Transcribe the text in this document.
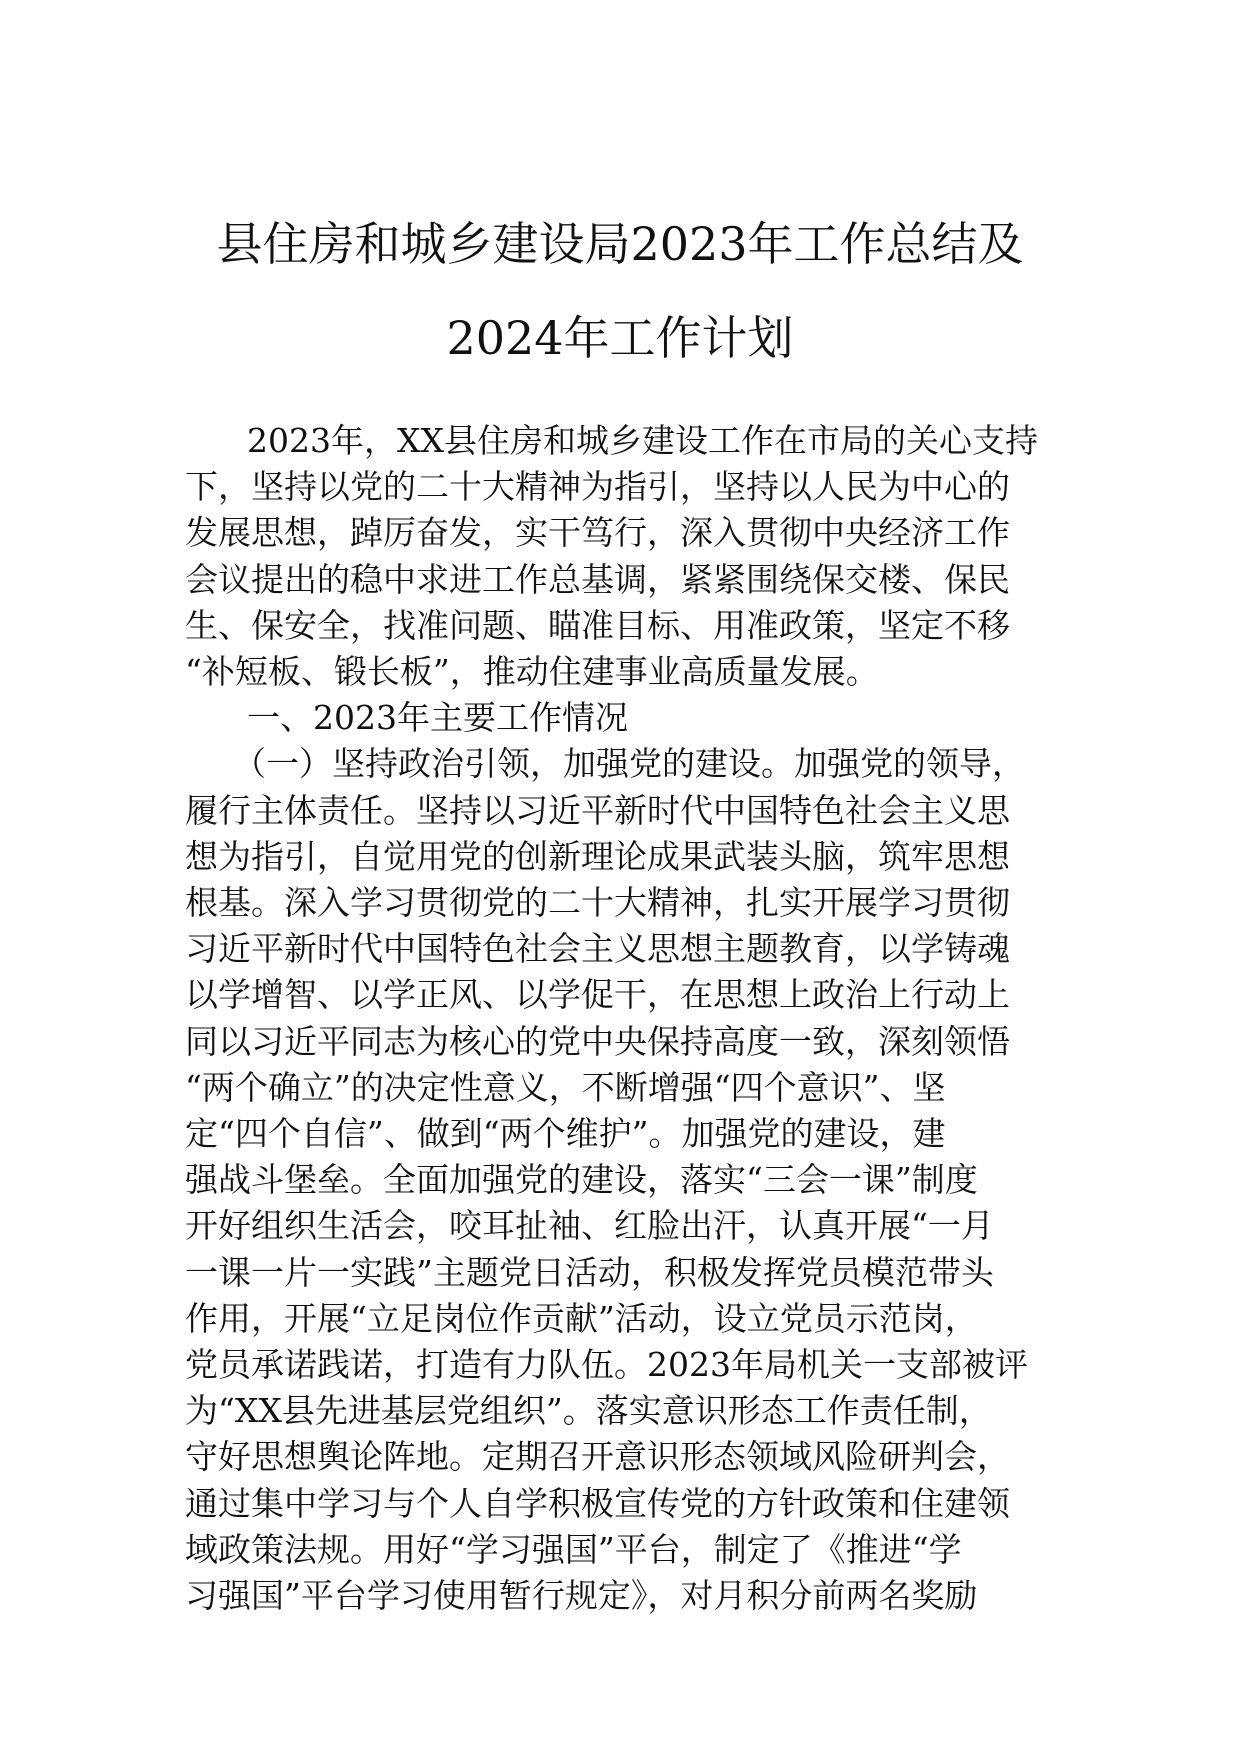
县住房和城乡建设局2023年工作总结及
2024年工作计划
2023年，XX县住房和城乡建设工作在市局的关心支持
下，坚持以党的二十大精神为指引，坚持以人民为中心的
发展思想，踔厉奋发，实干笃行，深入贯彻中央经济工作
会议提出的稳中求进工作总基调，紧紧围绕保交楼、保民
生、保安全，找准问题、瞄准目标、用准政策，坚定不移
“补短板、锻长板”，推动住建事业高质量发展。
一、2023年主要工作情况
（一）坚持政治引领，加强党的建设。加强党的领导，
履行主体责任。坚持以习近平新时代中国特色社会主义思
想为指引，自觉用党的创新理论成果武装头脑，筑牢思想
根基。深入学习贯彻党的二十大精神，扎实开展学习贯彻
习近平新时代中国特色社会主义思想主题教育，以学铸魂
以学增智、以学正风、以学促干，在思想上政治上行动上
同以习近平同志为核心的党中央保持高度一致，深刻领悟
“两个确立”的决定性意义，不断增强“四个意识”、坚
定“四个自信”、做到“两个维护”。加强党的建设，建
强战斗堡垒。全面加强党的建设，落实“三会一课”制度
开好组织生活会，咬耳扯袖、红脸出汗，认真开展“一月
一课一片一实践”主题党日活动，积极发挥党员模范带头
作用，开展“立足岗位作贡献”活动，设立党员示范岗，
党员承诺践诺，打造有力队伍。2023年局机关一支部被评
为“XX县先进基层党组织”。落实意识形态工作责任制，
守好思想舆论阵地。定期召开意识形态领域风险研判会，
通过集中学习与个人自学积极宣传党的方针政策和住建领
域政策法规。用好“学习强国”平台，制定了《推进“学
习强国”平台学习使用暂行规定》，对月积分前两名奖励
